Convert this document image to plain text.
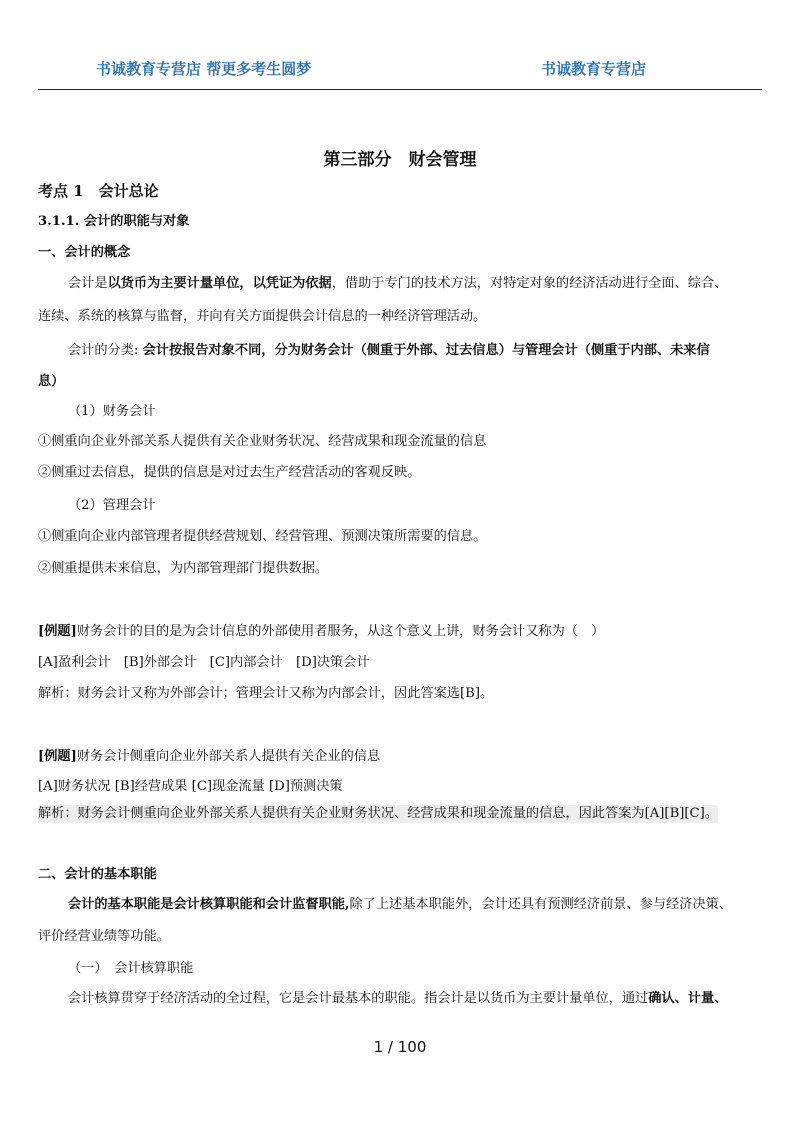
书诚教育专营店 帮更多考生圆梦	书诚教育专营店
第三部分　财会管理
考点 1　会计总论
3.1.1. 会计的职能与对象
一、会计的概念
会计是以货币为主要计量单位，以凭证为依据，借助于专门的技术方法，对特定对象的经济活动进行全面、综合、
连续、系统的核算与监督，并向有关方面提供会计信息的一种经济管理活动。
会计的分类: 会计按报告对象不同，分为财务会计（侧重于外部、过去信息）与管理会计（侧重于内部、未来信
息）
（1）财务会计
①侧重向企业外部关系人提供有关企业财务状况、经营成果和现金流量的信息
②侧重过去信息，提供的信息是对过去生产经营活动的客观反映。
（2）管理会计
①侧重向企业内部管理者提供经营规划、经营管理、预测决策所需要的信息。
②侧重提供未来信息，为内部管理部门提供数据。
[例题]财务会计的目的是为会计信息的外部使用者服务，从这个意义上讲，财务会计又称为（　）
[A]盈利会计　[B]外部会计　[C]内部会计　[D]决策会计
解析：财务会计又称为外部会计；管理会计又称为内部会计，因此答案选[B]。
[例题]财务会计侧重向企业外部关系人提供有关企业的信息
[A]财务状况 [B]经营成果 [C]现金流量 [D]预测决策
解析：财务会计侧重向企业外部关系人提供有关企业财务状况、经营成果和现金流量的信息，因此答案为[A][B][C]。
二、会计的基本职能
会计的基本职能是会计核算职能和会计监督职能,除了上述基本职能外，会计还具有预测经济前景、参与经济决策、
评价经营业绩等功能。
（一）　会计核算职能
会计核算贯穿于经济活动的全过程，它是会计最基本的职能。指会计是以货币为主要计量单位，通过确认、计量、
1 / 100
